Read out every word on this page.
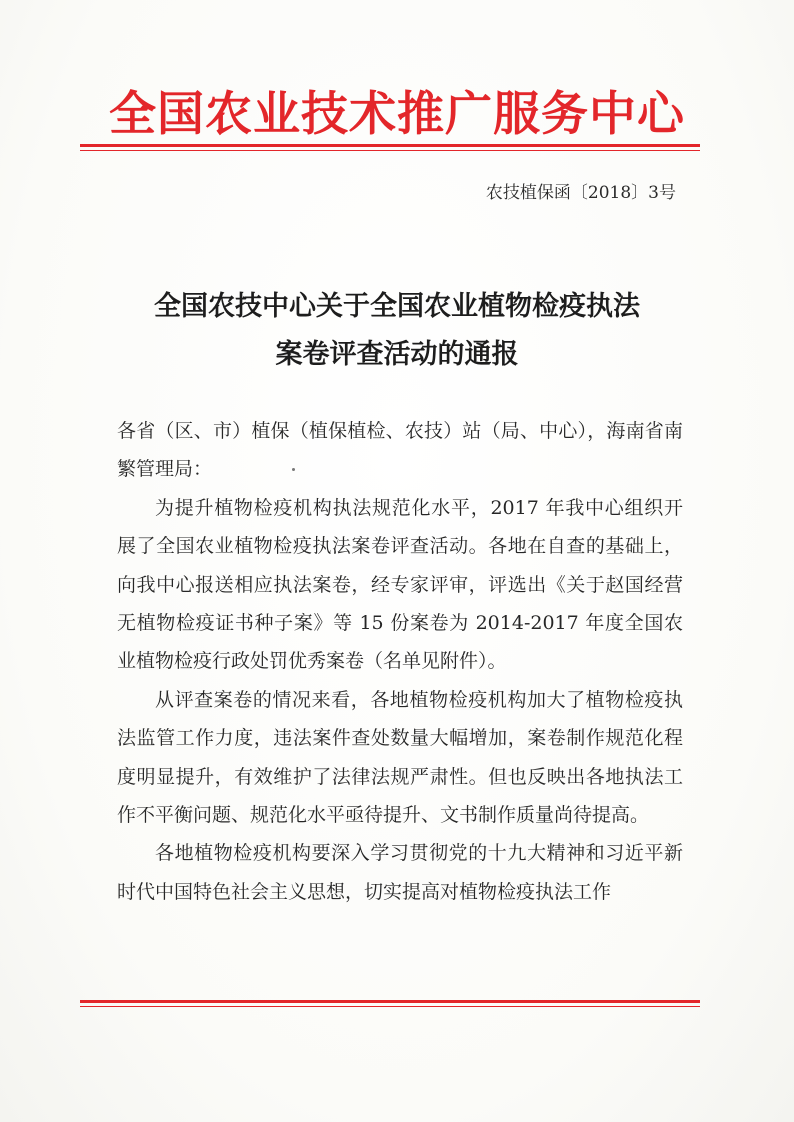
全国农业技术推广服务中心
农技植保函〔2018〕3号
全国农技中心关于全国农业植物检疫执法
案卷评查活动的通报

各省（区、市）植保（植保植检、农技）站（局、中心），海南省南繁管理局：

为提升植物检疫机构执法规范化水平，2017 年我中心组织开展了全国农业植物检疫执法案卷评查活动。各地在自查的基础上，向我中心报送相应执法案卷，经专家评审，评选出《关于赵国经营无植物检疫证书种子案》等 15 份案卷为 2014-2017 年度全国农业植物检疫行政处罚优秀案卷（名单见附件）。

从评查案卷的情况来看，各地植物检疫机构加大了植物检疫执法监管工作力度，违法案件查处数量大幅增加，案卷制作规范化程度明显提升，有效维护了法律法规严肃性。但也反映出各地执法工作不平衡问题、规范化水平亟待提升、文书制作质量尚待提高。

各地植物检疫机构要深入学习贯彻党的十九大精神和习近平新时代中国特色社会主义思想，切实提高对植物检疫执法工作
